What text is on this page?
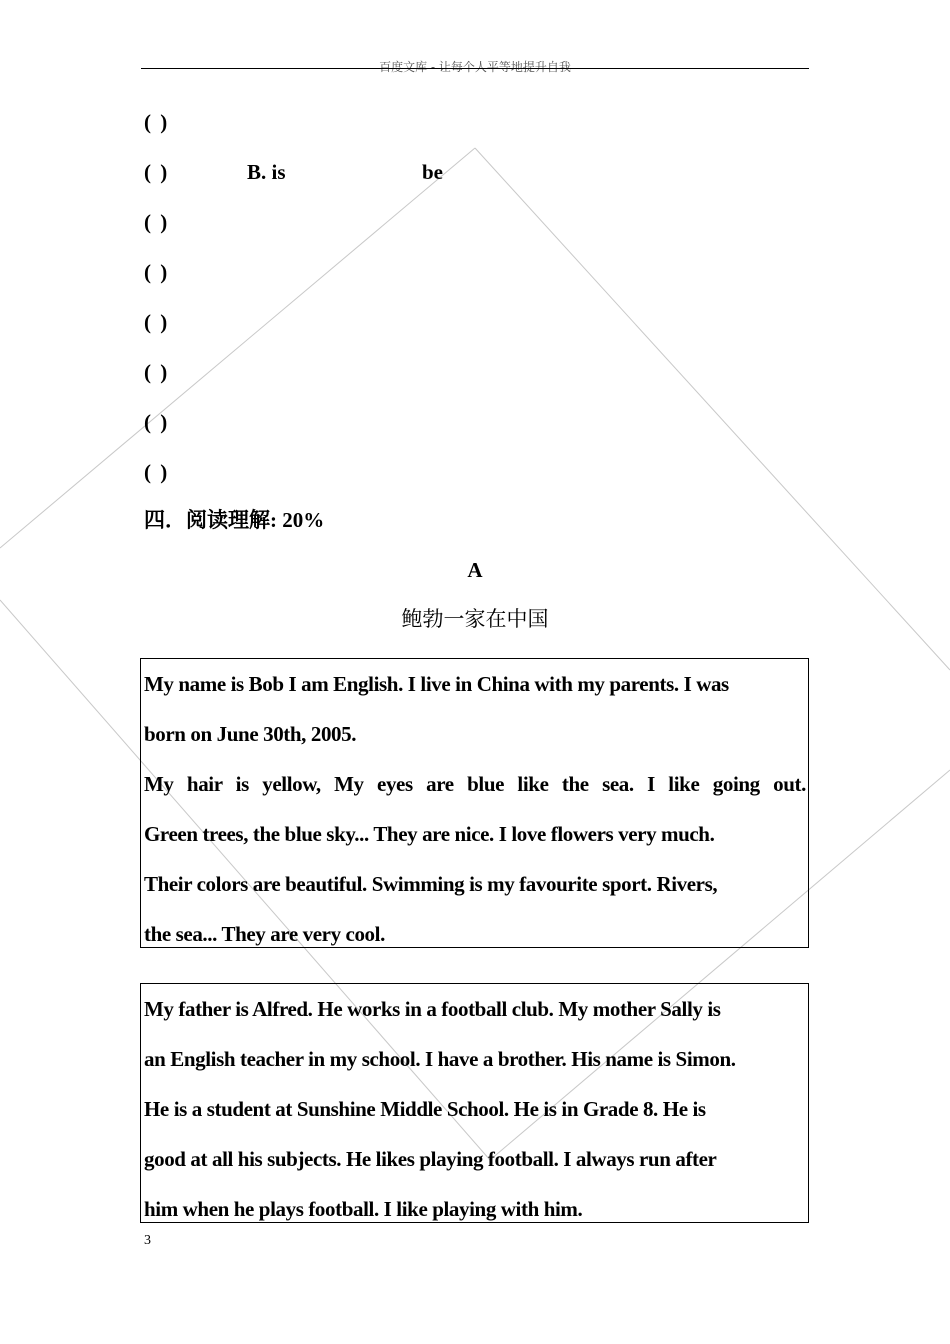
百度文库 - 让每个人平等地提升自我
( )
( )	B. is	be
( )
( )
( )
( )
( )
( )
四．阅读理解: 20%
A
鲍勃一家在中国
My name is Bob I am English. I live in China with my parents. I was
born on June 30th, 2005.
My hair is yellow, My eyes are blue like the sea. I like going out.
Green trees, the blue sky... They are nice. I love flowers very much.
Their colors are beautiful. Swimming is my favourite sport. Rivers,
the sea... They are very cool.
My father is Alfred. He works in a football club. My mother Sally is
an English teacher in my school. I have a brother. His name is Simon.
He is a student at Sunshine Middle School. He is in Grade 8. He is
good at all his subjects. He likes playing football. I always run after
him when he plays football. I like playing with him.
3
